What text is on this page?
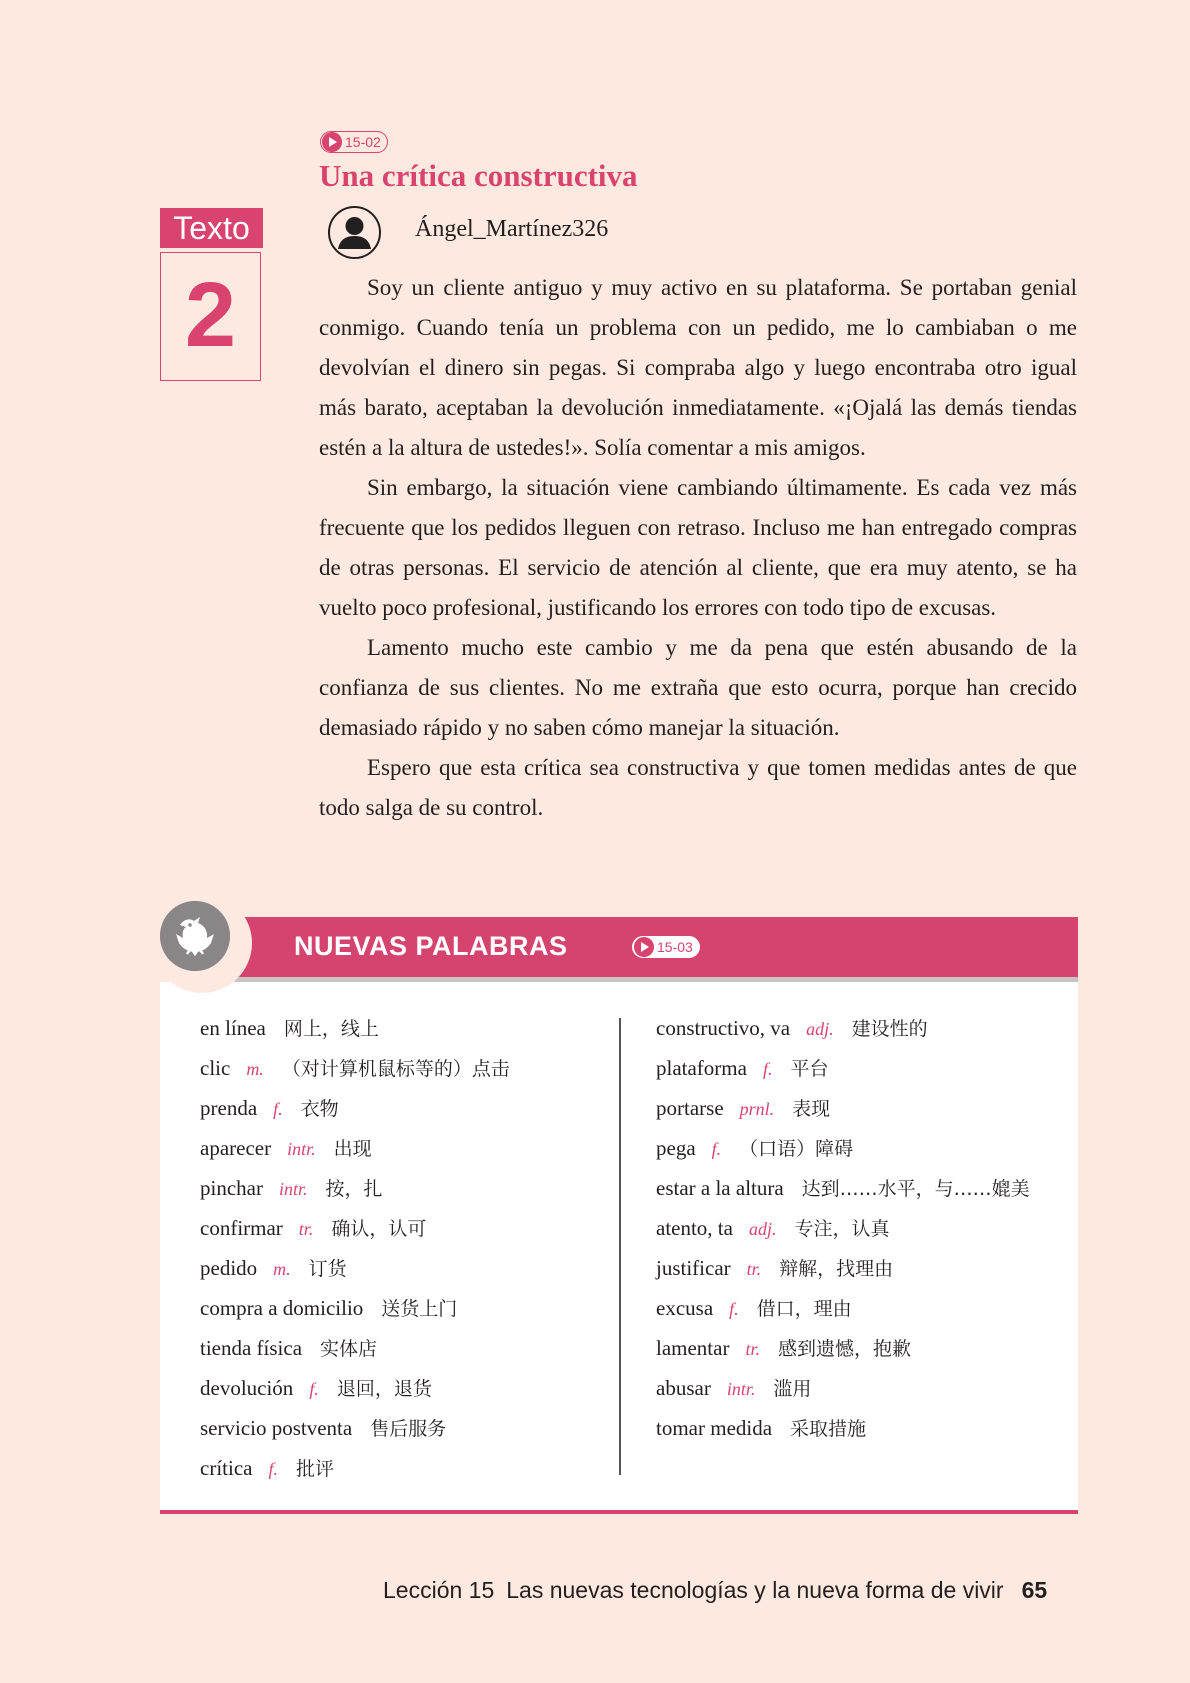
15-02
Una crítica constructiva
Texto
2
Ángel_Martínez326

Soy un cliente antiguo y muy activo en su plataforma. Se portaban genial conmigo. Cuando tenía un problema con un pedido, me lo cambiaban o me devolvían el dinero sin pegas. Si compraba algo y luego encontraba otro igual más barato, aceptaban la devolución inmediatamente. «¡Ojalá las demás tiendas estén a la altura de ustedes!». Solía comentar a mis amigos.

Sin embargo, la situación viene cambiando últimamente. Es cada vez más frecuente que los pedidos lleguen con retraso. Incluso me han entregado compras de otras personas. El servicio de atención al cliente, que era muy atento, se ha vuelto poco profesional, justificando los errores con todo tipo de excusas.

Lamento mucho este cambio y me da pena que estén abusando de la confianza de sus clientes. No me extraña que esto ocurra, porque han crecido demasiado rápido y no saben cómo manejar la situación.

Espero que esta crítica sea constructiva y que tomen medidas antes de que todo salga de su control.

NUEVAS PALABRAS	15-03
en línea 网上，线上
clic m. （对计算机鼠标等的）点击
prenda f. 衣物
aparecer intr. 出现
pinchar intr. 按，扎
confirmar tr. 确认，认可
pedido m. 订货
compra a domicilio 送货上门
tienda física 实体店
devolución f. 退回，退货
servicio postventa 售后服务
crítica f. 批评
constructivo, va adj. 建设性的
plataforma f. 平台
portarse prnl. 表现
pega f. （口语）障碍
estar a la altura 达到……水平，与……媲美
atento, ta adj. 专注，认真
justificar tr. 辩解，找理由
excusa f. 借口，理由
lamentar tr. 感到遗憾，抱歉
abusar intr. 滥用
tomar medida 采取措施
Lección 15 Las nuevas tecnologías y la nueva forma de vivir 65
